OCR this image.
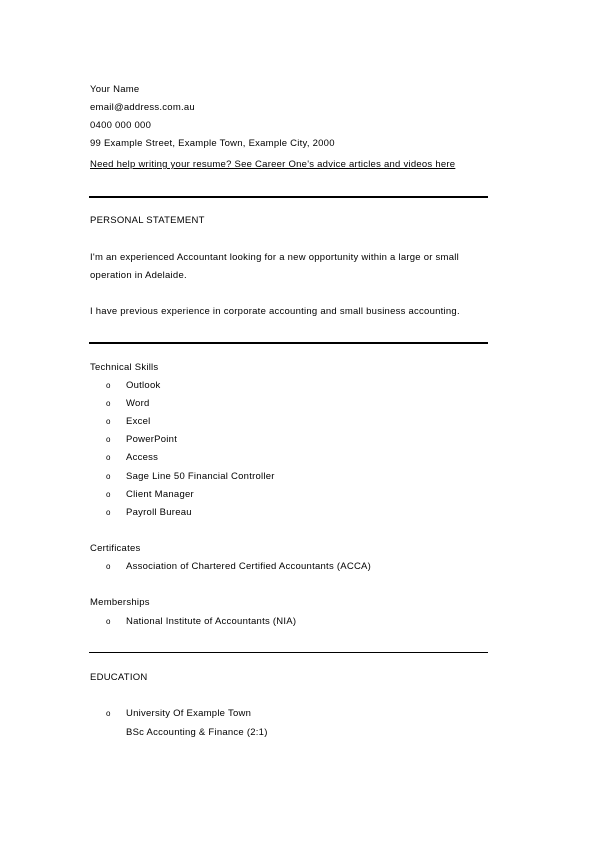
Your Name
email@address.com.au
0400 000 000
99 Example Street, Example Town, Example City, 2000
Need help writing your resume? See Career One's advice articles and videos here
PERSONAL STATEMENT
I'm an experienced Accountant looking for a new opportunity within a large or small
operation in Adelaide.
I have previous experience in corporate accounting and small business accounting.
Technical Skills
o Outlook
o Word
o Excel
o PowerPoint
o Access
o Sage Line 50 Financial Controller
o Client Manager
o Payroll Bureau
Certificates
o Association of Chartered Certified Accountants (ACCA)
Memberships
o National Institute of Accountants (NIA)
EDUCATION
o University Of Example Town
BSc Accounting & Finance (2:1)
